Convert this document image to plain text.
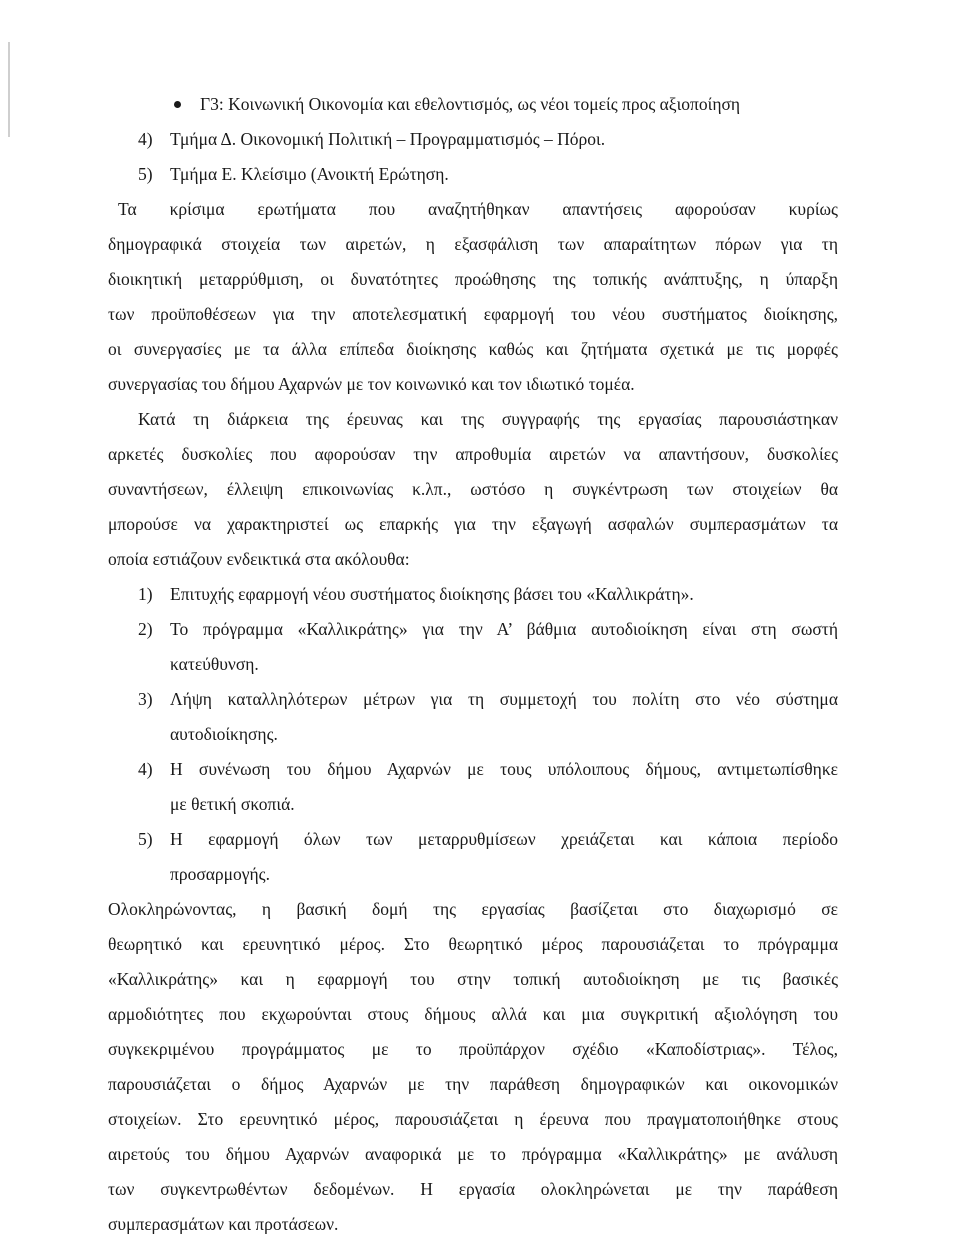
Γ3: Κοινωνική Οικονομία και εθελοντισμός, ως νέοι τομείς προς αξιοποίηση
4) Τμήμα Δ. Οικονομική Πολιτική – Προγραμματισμός – Πόροι.
5) Τμήμα Ε. Κλείσιμο (Ανοικτή Ερώτηση.
Τα κρίσιμα ερωτήματα που αναζητήθηκαν απαντήσεις αφορούσαν κυρίως
δημογραφικά στοιχεία των αιρετών, η εξασφάλιση των απαραίτητων πόρων για τη
διοικητική μεταρρύθμιση, οι δυνατότητες προώθησης της τοπικής ανάπτυξης, η ύπαρξη
των προϋποθέσεων για την αποτελεσματική εφαρμογή του νέου συστήματος διοίκησης,
οι συνεργασίες με τα άλλα επίπεδα διοίκησης καθώς και ζητήματα σχετικά με τις μορφές
συνεργασίας του δήμου Αχαρνών με τον κοινωνικό και τον ιδιωτικό τομέα.
Κατά τη διάρκεια της έρευνας και της συγγραφής της εργασίας παρουσιάστηκαν
αρκετές δυσκολίες που αφορούσαν την απροθυμία αιρετών να απαντήσουν, δυσκολίες
συναντήσεων, έλλειψη επικοινωνίας κ.λπ., ωστόσο η συγκέντρωση των στοιχείων θα
μπορούσε να χαρακτηριστεί ως επαρκής για την εξαγωγή ασφαλών συμπερασμάτων τα
οποία εστιάζουν ενδεικτικά στα ακόλουθα:
1) Επιτυχής εφαρμογή νέου συστήματος διοίκησης βάσει του «Καλλικράτη».
2) Το πρόγραμμα «Καλλικράτης» για την Α’ βάθμια αυτοδιοίκηση είναι στη σωστή
κατεύθυνση.
3) Λήψη καταλληλότερων μέτρων για τη συμμετοχή του πολίτη στο νέο σύστημα
αυτοδιοίκησης.
4) Η συνένωση του δήμου Αχαρνών με τους υπόλοιπους δήμους, αντιμετωπίσθηκε
με θετική σκοπιά.
5) Η εφαρμογή όλων των μεταρρυθμίσεων χρειάζεται και κάποια περίοδο
προσαρμογής.
Ολοκληρώνοντας, η βασική δομή της εργασίας βασίζεται στο διαχωρισμό σε
θεωρητικό και ερευνητικό μέρος. Στο θεωρητικό μέρος παρουσιάζεται το πρόγραμμα
«Καλλικράτης» και η εφαρμογή του στην τοπική αυτοδιοίκηση με τις βασικές
αρμοδιότητες που εκχωρούνται στους δήμους αλλά και μια συγκριτική αξιολόγηση του
συγκεκριμένου προγράμματος με το προϋπάρχον σχέδιο «Καποδίστριας». Τέλος,
παρουσιάζεται ο δήμος Αχαρνών με την παράθεση δημογραφικών και οικονομικών
στοιχείων. Στο ερευνητικό μέρος, παρουσιάζεται η έρευνα που πραγματοποιήθηκε στους
αιρετούς του δήμου Αχαρνών αναφορικά με το πρόγραμμα «Καλλικράτης» με ανάλυση
των συγκεντρωθέντων δεδομένων. Η εργασία ολοκληρώνεται με την παράθεση
συμπερασμάτων και προτάσεων.
